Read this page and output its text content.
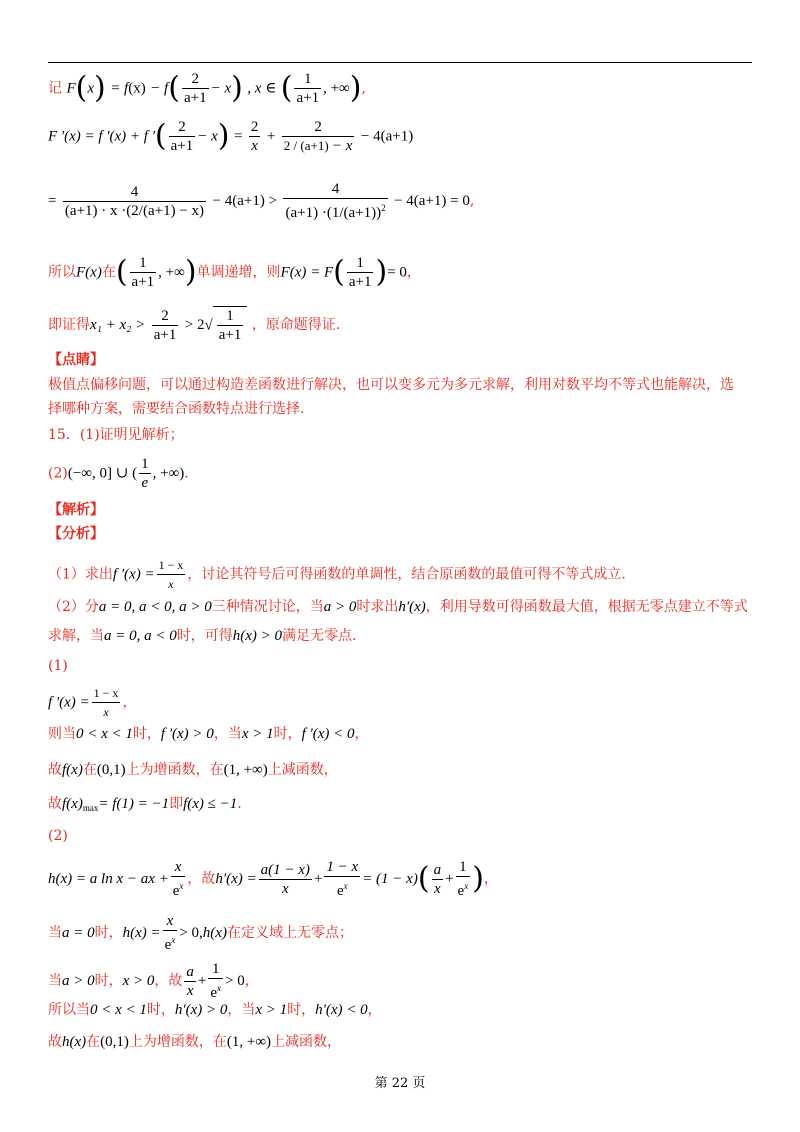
记 $F(x) = f(x) - f( \frac{2}{a+1} - x)$ , x ∈ ( $\frac{1}{a+1}$ , +∞),
F '(x) = f '(x) + f '( $\frac{2}{a+1} - x) = \frac{2}{x} + \frac{2}{2 / (a+1) - x} - 4(a+1)$
= $\frac{4}{(a+1) \cdot x \cdot(2/(a+1) - x)} - 4(a+1) > \frac{4}{(a+1) \cdot(1/(a+1))^2} - 4(a+1) = 0$,
所以F(x)在( $\frac{1}{a+1}$ , +∞)单调递增，则$F(x) = F( \frac{1}{a+1}$ )= 0，
即证得$x_1 + x_2 > \frac{2}{a+1} > 2√ \frac{1}{a+1}$ ，原命题得证.
【点睛】
极值点偏移问题，可以通过构造差函数进行解决，也可以变多元为多元求解，利用对数平均不等式也能解决，选
择哪种方案，需要结合函数特点进行选择.
15．(1)证明见解析；
(2)(−∞, 0] ∪ ( $\frac{1}{e}$ , +∞).
【解析】
【分析】
（1）求出f '$(x) = \frac{1 - x}{x}$ ，讨论其符号后可得函数的单调性，结合原函数的最值可得不等式成立.
（2）分a = 0, a < 0, a > 0三种情况讨论，当a > 0时求出h'(x)，利用导数可得函数最大值，根据无零点建立不等式
求解，当a = 0, a < 0时，可得h(x) > 0满足无零点.
(1)
f '$(x) = \frac{1 - x}{x}$ ，
则当0 < x < 1时，f '(x) > 0，当x > 1时，f '(x) < 0，
故f(x)在(0,1)上为增函数，在(1, +∞)上减函数，
故$f(x)_{max}= f(1) = -1$即f(x) ≤ −1.
(2)
h(x) = a ln x − ax + $\frac{x}{e^x}$ ，故$h'(x) = \frac{a(1 - x)}{x} + \frac{1 - x}{e^x} = (1 - x)( \frac{a}{x} + \frac{1}{e^x}$ )，
当a = 0时，$h(x) = \frac{x}{e^x} > 0,h(x)$在定义域上无零点；
当a > 0时，x > 0，故 $\frac{a}{x} + \frac{1}{e^x} > 0$，
所以当0 < x < 1时，h'(x) > 0，当x > 1时，h'(x) < 0，
故h(x)在(0,1)上为增函数，在(1, +∞)上减函数，
第 22 页
